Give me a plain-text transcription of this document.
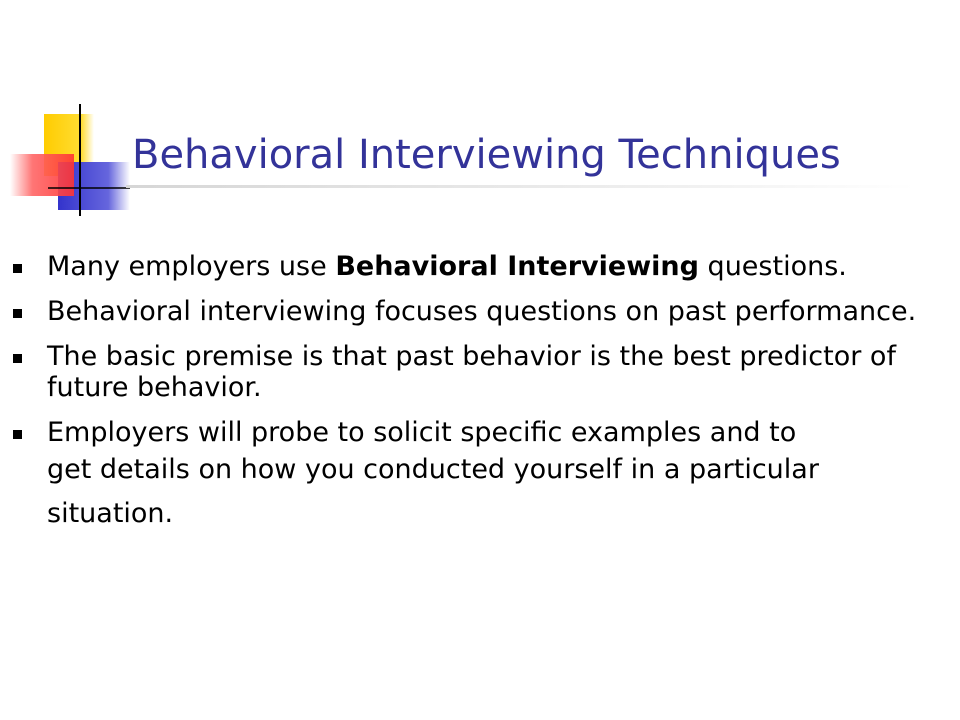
Behavioral Interviewing Techniques
Many employers use Behavioral Interviewing questions.
Behavioral interviewing focuses questions on past performance.
The basic premise is that past behavior is the best predictor of future behavior.
Employers will probe to solicit specific examples and to
get details on how you conducted yourself in a particular situation.
